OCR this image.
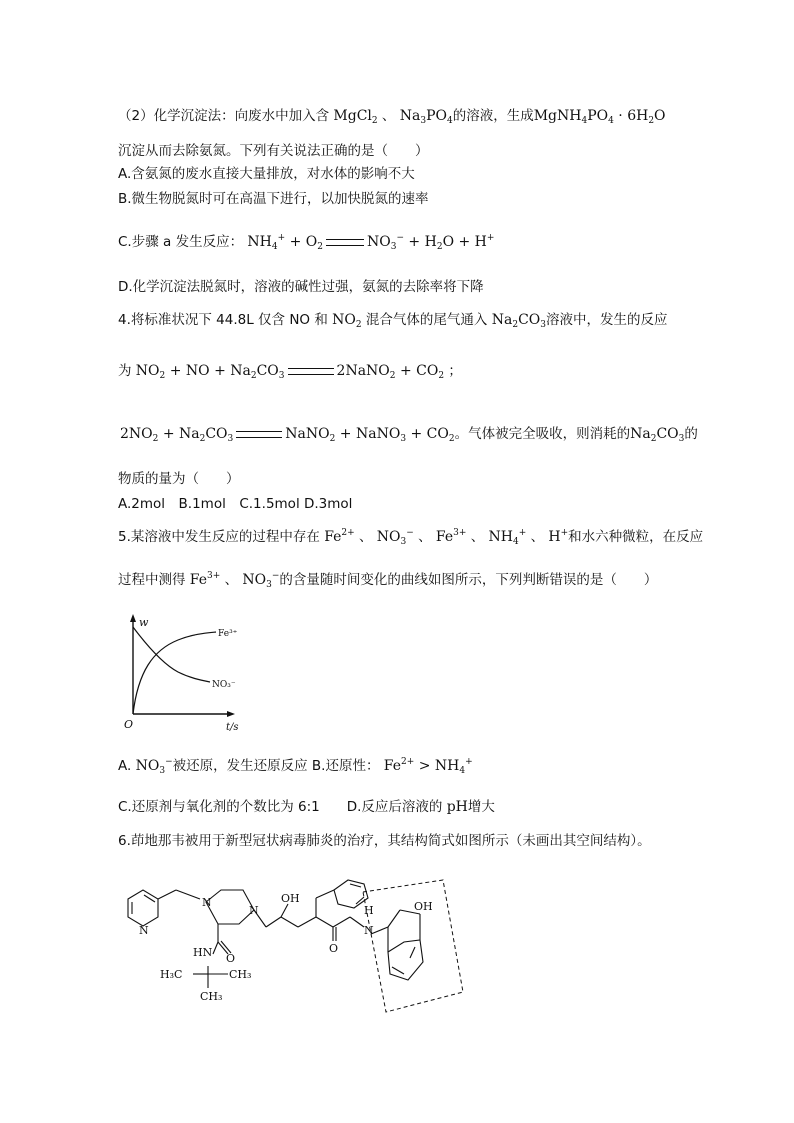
（2）化学沉淀法：向废水中加入含 MgCl$_2$ 、 $Na_3PO_4$的溶液，生成$MgNH_4PO_4 \cdot 6H_2O$
沉淀从而去除氨氮。下列有关说法正确的是（　　）
A.含氨氮的废水直接大量排放，对水体的影响不大
B.微生物脱氮时可在高温下进行，以加快脱氮的速率
C.步骤 a 发生反应： $NH_4^+ + O_2$	$NO_3^- + H_2O + H^+$
D.化学沉淀法脱氮时，溶液的碱性过强，氨氮的去除率将下降
4.将标准状况下 44.8L 仅含 NO 和 $NO_2$ 混合气体的尾气通入 $Na_2CO_3$溶液中，发生的反应
为 $NO_2$ + NO + $Na_2CO_3$	2NaNO$_2$ + $CO_2$ ；
$2NO_2 + Na_2CO_3$	NaNO$_2$ + NaNO$_3$ + $CO_2$。气体被完全吸收，则消耗的$Na_2CO_3$的
物质的量为（　　）
A.2mol　B.1mol　C.1.5mol D.3mol
5.某溶液中发生反应的过程中存在 $Fe^{2+}$ 、 $NO_3^-$ 、 $Fe^{3+}$ 、 $NH_4^+$ 、 H+和水六种微粒，在反应
过程中测得 $Fe^{3+}$ 、 $NO_3^-$的含量随时间变化的曲线如图所示，下列判断错误的是（　　）
w
t/s
O
Fe³⁺
NO₃⁻
A. $NO_3^-$被还原，发生还原反应 B.还原性： $Fe^{2+} > NH_4^+$
C.还原剂与氧化剂的个数比为 6:1　　D.反应后溶液的 pH增大
6.茚地那韦被用于新型冠状病毒肺炎的治疗，其结构简式如图所示（未画出其空间结构）。
N
N
N
OH
HN O
H
N
OH
H₃C	CH₃
CH₃
O
